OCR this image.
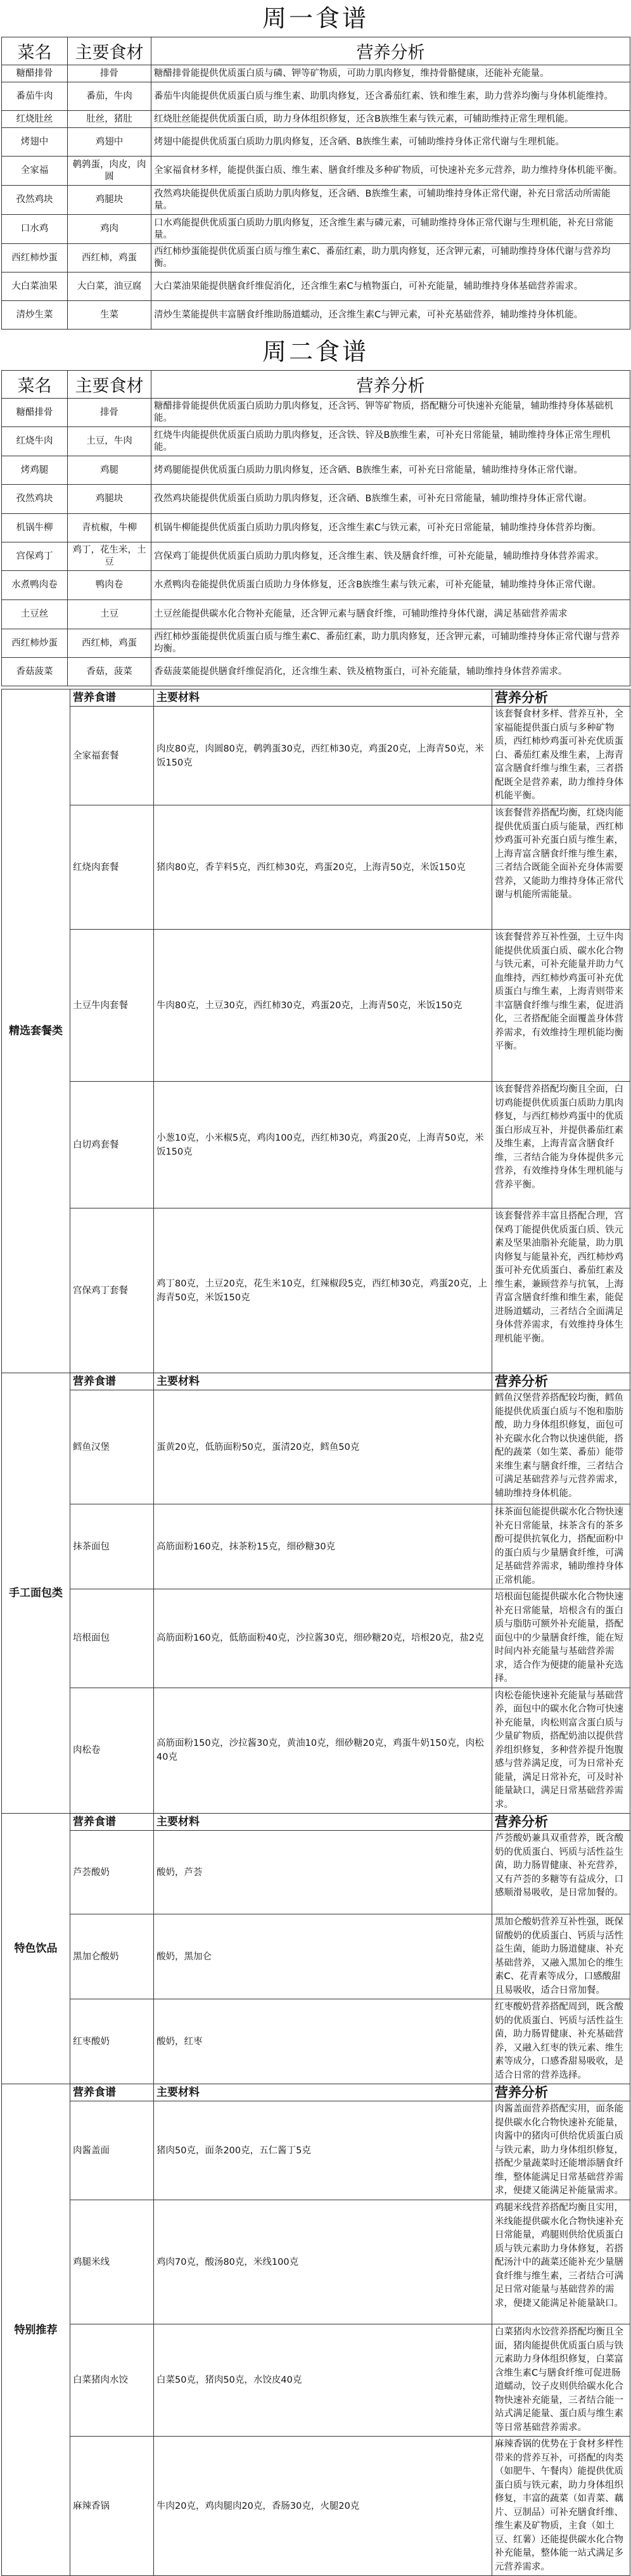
周一食谱
菜名	主要食材	营养分析
糖醋排骨	排骨	糖醋排骨能提供优质蛋白质与磷、钾等矿物质，可助力肌肉修复，维持骨骼健康，还能补充能量。
番茄牛肉	番茄，牛肉	番茄牛肉能提供优质蛋白质与维生素、助肌肉修复，还含番茄红素、铁和维生素，助力营养均衡与身体机能维持。
红烧肚丝	肚丝，猪肚	红烧肚丝能提供优质蛋白质，助力身体组织修复，还含B族维生素与铁元素，可辅助维持正常生理机能。
烤翅中	鸡翅中	烤翅中能提供优质蛋白质助力肌肉修复，还含硒、B族维生素，可辅助维持身体正常代谢与生理机能。
全家福	鹌鹑蛋，肉皮，肉圆	全家福食材多样，能提供蛋白质、维生素、膳食纤维及多种矿物质，可快速补充多元营养，助力维持身体机能平衡。
孜然鸡块	鸡腿块	孜然鸡块能提供优质蛋白质助力肌肉修复，还含硒、B族维生素，可辅助维持身体正常代谢，补充日常活动所需能量。
口水鸡	鸡肉	口水鸡能提供优质蛋白质助力肌肉修复，还含维生素与磷元素，可辅助维持身体正常代谢与生理机能，补充日常能量。
西红柿炒蛋	西红柿，鸡蛋	西红柿炒蛋能提供优质蛋白质与维生素C、番茄红素，助力肌肉修复，还含钾元素，可辅助维持身体代谢与营养均衡。
大白菜油果	大白菜，油豆腐	大白菜油果能提供膳食纤维促消化，还含维生素C与植物蛋白，可补充能量，辅助维持身体基础营养需求。
清炒生菜	生菜	清炒生菜能提供丰富膳食纤维助肠道蠕动，还含维生素C与钾元素，可补充基础营养，辅助维持身体机能。
周二食谱
菜名	主要食材	营养分析
糖醋排骨	排骨	糖醋排骨能提供优质蛋白质助力肌肉修复，还含钙、钾等矿物质，搭配糖分可快速补充能量，辅助维持身体基础机能。
红烧牛肉	土豆，牛肉	红烧牛肉能提供优质蛋白质助力肌肉修复，还含铁、锌及B族维生素，可补充日常能量，辅助维持身体正常生理机能。
烤鸡腿	鸡腿	烤鸡腿能提供优质蛋白质助力肌肉修复，还含硒、B族维生素，可补充日常能量，辅助维持身体正常代谢。
孜然鸡块	鸡腿块	孜然鸡块能提供优质蛋白质助力肌肉修复，还含硒、B族维生素，可补充日常能量，辅助维持身体正常代谢。
机锅牛柳	青杭椒，牛柳	机锅牛柳能提供优质蛋白质助力肌肉修复，还含维生素C与铁元素，可补充日常能量，辅助维持身体营养均衡。
宫保鸡丁	鸡丁，花生米，土豆	宫保鸡丁能提供优质蛋白质助力肌肉修复，还含维生素、铁及膳食纤维，可补充能量，辅助维持身体营养需求。
水煮鸭肉卷	鸭肉卷	水煮鸭肉卷能提供优质蛋白质助力身体修复，还含B族维生素与铁元素，可补充能量，辅助维持身体正常代谢。
土豆丝	土豆	土豆丝能提供碳水化合物补充能量，还含钾元素与膳食纤维，可辅助维持身体代谢，满足基础营养需求
西红柿炒蛋	西红柿，鸡蛋	西红柿炒蛋能提供优质蛋白质与维生素C、番茄红素，助力肌肉修复，还含钾元素，可辅助维持身体正常代谢与营养均衡。
香菇菠菜	香菇，菠菜	香菇菠菜能提供膳食纤维促消化，还含维生素、铁及植物蛋白，可补充能量，辅助维持身体营养需求。
精选套餐类	营养食谱	主要材料	营养分析
	全家福套餐	肉皮80克，肉圆80克，鹌鹑蛋30克，西红柿30克，鸡蛋20克，上海青50克，米饭150克	该套餐食材多样、营养互补，全家福能提供蛋白质与多种矿物质，西红柿炒鸡蛋可补充优质蛋白、番茄红素及维生素，上海青富含膳食纤维与维生素，三者搭配既全是营养素，助力维持身体机能平衡。
	红烧肉套餐	猪肉80克，香芋料5克，西红柿30克，鸡蛋20克，上海青50克，米饭150克	该套餐营养搭配均衡，红烧肉能提供优质蛋白质与能量，西红柿炒鸡蛋可补充蛋白质与维生素，上海青富含膳食纤维与维生素，三者结合既能全面补充身体需要营养，又能助力维持身体正常代谢与机能所需能量。
	土豆牛肉套餐	牛肉80克，土豆30克，西红柿30克，鸡蛋20克，上海青50克，米饭150克	该套餐营养互补性强，土豆牛肉能提供优质蛋白质、碳水化合物与铁元素，可补充能量并助力气血维持，西红柿炒鸡蛋可补充优质蛋白与维生素，上海青则带来丰富膳食纤维与维生素，促进消化，三者搭配能全面覆盖身体营养需求，有效维持生理机能均衡平衡。
	白切鸡套餐	小葱10克，小米椒5克，鸡肉100克，西红柿30克，鸡蛋20克，上海青50克，米饭150克	该套餐营养搭配均衡且全面，白切鸡能提供优质蛋白质助力肌肉修复，与西红柿炒鸡蛋中的优质蛋白形成互补，并提供番茄红素及维生素，上海青富含膳食纤维，三者结合能为身体提供多元营养，有效维持身体生理机能与营养平衡。
	宫保鸡丁套餐	鸡丁80克，土豆20克，花生米10克，红辣椒段5克，西红柿30克，鸡蛋20克，上海青50克，米饭150克	该套餐营养丰富且搭配合理，宫保鸡丁能提供优质蛋白质、铁元素及坚果油脂补充能量，助力肌肉修复与能量补充，西红柿炒鸡蛋可补充优质蛋白、番茄红素及维生素，兼顾营养与抗氧，上海青富含膳食纤维和维生素，能促进肠道蠕动，三者结合全面满足身体营养需求，有效维持身体生理机能平衡。
手工面包类	营养食谱	主要材料	营养分析
	鳕鱼汉堡	蛋黄20克，低筋面粉50克，蛋清20克，鳕鱼50克	鳕鱼汉堡营养搭配较均衡，鳕鱼能提供优质蛋白质与不饱和脂肪酸，助力身体组织修复，面包可补充碳水化合物以快速供能，搭配的蔬菜（如生菜、番茄）能带来维生素与膳食纤维，三者结合可满足基础营养与元营养需求，辅助维持身体机能。
	抹茶面包	高筋面粉160克，抹茶粉15克，细砂糖30克	抹茶面包能提供碳水化合物快速补充日常能量，抹茶含有的茶多酚可提供抗氧化力，搭配面粉中的蛋白质与少量膳食纤维，可满足基础营养需求，辅助维持身体正常机能。
	培根面包	高筋面粉160克，低筋面粉40克，沙拉酱30克，细砂糖20克，培根20克，盐2克	培根面包能提供碳水化合物快速补充日常能量，培根含有的蛋白质与脂肪可额外补充能量，搭配面包中的少量膳食纤维，能在短时间内补充能量与基础营养需求，适合作为便捷的能量补充选择。
	肉松卷	高筋面粉150克，沙拉酱30克，黄油10克，细砂糖20克，鸡蛋牛奶150克，肉松40克	肉松卷能快速补充能量与基础营养，面包中的碳水化合物可快速补充能量，肉松则富含蛋白质与少量矿物质，搭配奶油以提供营养组织修复，多种营养提升饱腹感与营养满足度，可为日常补充能量，满足日常补充，可及时补能量缺口，满足日常基础营养需求。
特色饮品	营养食谱	主要材料	营养分析
	芦荟酸奶	酸奶，芦荟	芦荟酸奶兼具双重营养，既含酸奶的优质蛋白、钙质与活性益生菌，助力肠胃健康、补充营养，又有芦荟的多糖等有益成分，口感顺滑易吸收，是日常加餐的。
	黑加仑酸奶	酸奶，黑加仑	黑加仑酸奶营养互补性强，既保留酸奶的优质蛋白、钙质与活性益生菌，能助力肠道健康、补充基础营养，又融入黑加仑的维生素C、花青素等成分，口感酸甜且易吸收，适合日常加餐。
	红枣酸奶	酸奶，红枣	红枣酸奶营养搭配周到，既含酸奶的优质蛋白、钙质与活性益生菌，助力肠胃健康、补充基础营养，又融入红枣的铁元素、维生素等成分，口感香甜易吸收，是适合日常的营养选择。
特别推荐	营养食谱	主要材料	营养分析
	肉酱盖面	猪肉50克，面条200克，五仁酱丁5克	肉酱盖面营养搭配实用，面条能提供碳水化合物快速补充能量，肉酱中的猪肉可供给优质蛋白质与铁元素，助力身体组织修复，搭配少量蔬菜时还能增添膳食纤维，整体能满足日常基础营养需求，便捷又能满足补能量需求。
	鸡腿米线	鸡肉70克，酸汤80克，米线100克	鸡腿米线营养搭配均衡且实用，米线能提供碳水化合物快速补充日常能量，鸡腿则供给优质蛋白质与铁元素助力身体修复，若搭配汤汁中的蔬菜还能补充少量膳食纤维与维生素，三者结合可满足日常对能量与基础营养的需求，便捷又能满足补能量缺口。
	白菜猪肉水饺	白菜50克，猪肉50克，水饺皮40克	白菜猪肉水饺营养搭配均衡且全面，猪肉能提供优质蛋白质与铁元素助力身体组织修复，白菜富含维生素C与膳食纤维可促进肠道蠕动，饺子皮则供给碳水化合物快速补充能量，三者结合能一站式满足能量、蛋白质与维生素等日常基础营养需求。
	麻辣香锅	牛肉20克，鸡肉腿肉20克，香肠30克，火腿20克	麻辣香锅的优势在于食材多样性带来的营养互补，可搭配的肉类（如肥牛、午餐肉）能提供优质蛋白质与铁元素，助力身体组织修复，丰富的蔬菜（如青菜、藕片、豆制品）可补充膳食纤维、维生素及矿物质，主食（如土豆、红薯）还能提供碳水化合物补充能量，整体能一站式满足多元营养需求。
